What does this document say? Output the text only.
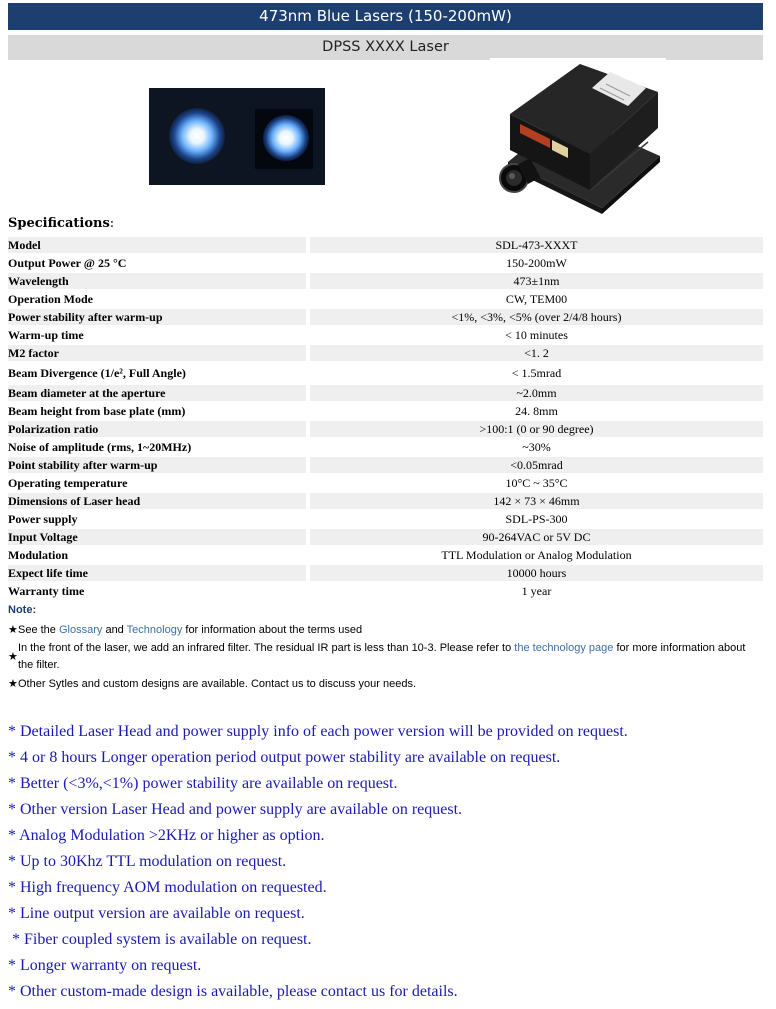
473nm Blue Lasers (150-200mW)
DPSS XXXX Laser
Specifications:
Model		SDL-473-XXXT
Output Power @ 25 °C		150-200mW
Wavelength		473±1nm
Operation Mode		CW, TEM00
Power stability after warm-up		<1%, <3%, <5% (over 2/4/8 hours)
Warm-up time		< 10 minutes
M2 factor		<1. 2
Beam Divergence (1/e², Full Angle)		< 1.5mrad
Beam diameter at the aperture		~2.0mm
Beam height from base plate (mm)		24. 8mm
Polarization ratio		>100:1 (0 or 90 degree)
Noise of amplitude (rms, 1~20MHz)		~30%
Point stability after warm-up		<0.05mrad
Operating temperature		10°C ~ 35°C
Dimensions of Laser head		142 × 73 × 46mm
Power supply		SDL-PS-300
Input Voltage		90-264VAC or 5V DC
Modulation		TTL Modulation or Analog Modulation
Expect life time		10000 hours
Warranty time		1 year
Note:
★See the Glossary and Technology for information about the terms used
★
In the front of the laser, we add an infrared filter. The residual IR part is less than 10-3. Please refer to the technology page for more information about the filter.
★Other Sytles and custom designs are available. Contact us to discuss your needs.
* Detailed Laser Head and power supply info of each power version will be provided on request.
* 4 or 8 hours Longer operation period output power stability are available on request.
* Better (<3%,<1%) power stability are available on request.
* Other version Laser Head and power supply are available on request.
* Analog Modulation >2KHz or higher as option.
* Up to 30Khz TTL modulation on request.
* High frequency AOM modulation on requested.
* Line output version are available on request.
* Fiber coupled system is available on request.
* Longer warranty on request.
* Other custom-made design is available, please contact us for details.
